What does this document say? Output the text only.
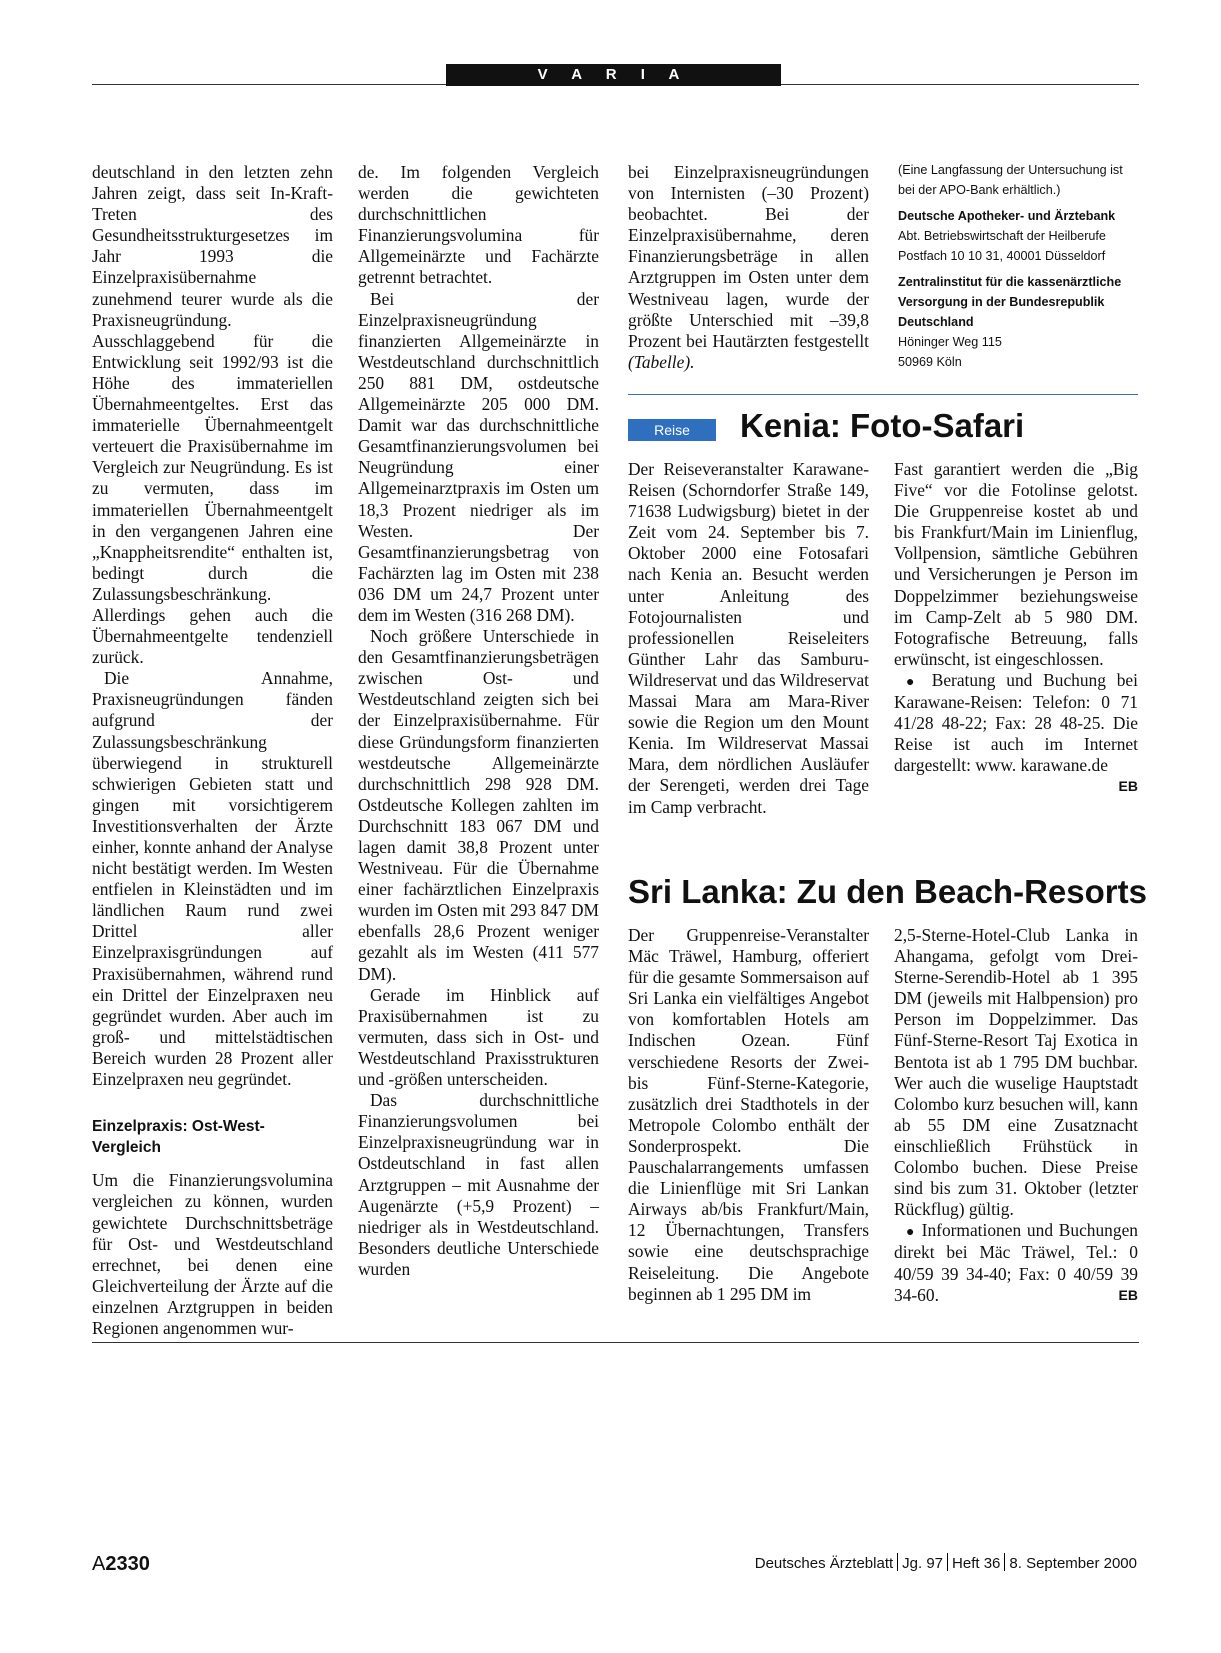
V A R I A

deutschland in den letzten zehn Jahren zeigt, dass seit In-Kraft-Treten des Gesundheitsstrukturgesetzes im Jahr 1993 die Einzelpraxisübernahme zunehmend teurer wurde als die Praxisneugründung. Ausschlaggebend für die Entwicklung seit 1992/93 ist die Höhe des immateriellen Übernahmeentgeltes. Erst das immaterielle Übernahmeentgelt verteuert die Praxisübernahme im Vergleich zur Neugründung. Es ist zu vermuten, dass im immateriellen Übernahmeentgelt in den vergangenen Jahren eine „Knappheitsrendite“ enthalten ist, bedingt durch die Zulassungsbeschränkung. Allerdings gehen auch die Übernahmeentgelte tendenziell zurück.

Die Annahme, Praxisneugründungen fänden aufgrund der Zulassungsbeschränkung überwiegend in strukturell schwierigen Gebieten statt und gingen mit vorsichtigerem Investitionsverhalten der Ärzte einher, konnte anhand der Analyse nicht bestätigt werden. Im Westen entfielen in Kleinstädten und im ländlichen Raum rund zwei Drittel aller Einzelpraxisgründungen auf Praxisübernahmen, während rund ein Drittel der Einzelpraxen neu gegründet wurden. Aber auch im groß- und mittelstädtischen Bereich wurden 28 Prozent aller Einzelpraxen neu gegründet.

Einzelpraxis: Ost-West-Vergleich

Um die Finanzierungsvolumina vergleichen zu können, wurden gewichtete Durchschnittsbeträge für Ost- und Westdeutschland errechnet, bei denen eine Gleichverteilung der Ärzte auf die einzelnen Arztgruppen in beiden Regionen angenommen wur-

de. Im folgenden Vergleich werden die gewichteten durchschnittlichen Finanzierungsvolumina für Allgemeinärzte und Fachärzte getrennt betrachtet.

Bei der Einzelpraxisneugründung finanzierten Allgemeinärzte in Westdeutschland durchschnittlich 250 881 DM, ostdeutsche Allgemeinärzte 205 000 DM. Damit war das durchschnittliche Gesamtfinanzierungsvolumen bei Neugründung einer Allgemeinarztpraxis im Osten um 18,3 Prozent niedriger als im Westen. Der Gesamtfinanzierungsbetrag von Fachärzten lag im Osten mit 238 036 DM um 24,7 Prozent unter dem im Westen (316 268 DM).

Noch größere Unterschiede in den Gesamtfinanzierungsbeträgen zwischen Ost- und Westdeutschland zeigten sich bei der Einzelpraxisübernahme. Für diese Gründungsform finanzierten westdeutsche Allgemeinärzte durchschnittlich 298 928 DM. Ostdeutsche Kollegen zahlten im Durchschnitt 183 067 DM und lagen damit 38,8 Prozent unter Westniveau. Für die Übernahme einer fachärztlichen Einzelpraxis wurden im Osten mit 293 847 DM ebenfalls 28,6 Prozent weniger gezahlt als im Westen (411 577 DM).

Gerade im Hinblick auf Praxisübernahmen ist zu vermuten, dass sich in Ost- und Westdeutschland Praxisstrukturen und -größen unterscheiden.

Das durchschnittliche Finanzierungsvolumen bei Einzelpraxisneugründung war in Ostdeutschland in fast allen Arztgruppen – mit Ausnahme der Augenärzte (+5,9 Prozent) – niedriger als in Westdeutschland. Besonders deutliche Unterschiede wurden

bei Einzelpraxisneugründungen von Internisten (–30 Prozent) beobachtet. Bei der Einzelpraxisübernahme, deren Finanzierungsbeträge in allen Arztgruppen im Osten unter dem Westniveau lagen, wurde der größte Unterschied mit –39,8 Prozent bei Hautärzten festgestellt (Tabelle).

(Eine Langfassung der Untersuchung ist bei der APO-Bank erhältlich.)

Deutsche Apotheker- und Ärztebank
Abt. Betriebswirtschaft der Heilberufe
Postfach 10 10 31, 40001 Düsseldorf

Zentralinstitut für die kassenärztliche Versorgung in der Bundesrepublik Deutschland
Höninger Weg 115
50969 Köln

Reise	Kenia: Foto-Safari

Der Reiseveranstalter Karawane-Reisen (Schorndorfer Straße 149, 71638 Ludwigsburg) bietet in der Zeit vom 24. September bis 7. Oktober 2000 eine Fotosafari nach Kenia an. Besucht werden unter Anleitung des Fotojournalisten und professionellen Reiseleiters Günther Lahr das Samburu-Wildreservat und das Wildreservat Massai Mara am Mara-River sowie die Region um den Mount Kenia. Im Wildreservat Massai Mara, dem nördlichen Ausläufer der Serengeti, werden drei Tage im Camp verbracht.

Fast garantiert werden die „Big Five“ vor die Fotolinse gelotst. Die Gruppenreise kostet ab und bis Frankfurt/Main im Linienflug, Vollpension, sämtliche Gebühren und Versicherungen je Person im Doppelzimmer beziehungsweise im Camp-Zelt ab 5 980 DM. Fotografische Betreuung, falls erwünscht, ist eingeschlossen.

● Beratung und Buchung bei Karawane-Reisen: Telefon: 0 71 41/28 48-22; Fax: 28 48-25. Die Reise ist auch im Internet dargestellt: www. karawane.de
EB

Sri Lanka: Zu den Beach-Resorts

Der Gruppenreise-Veranstalter Mäc Träwel, Hamburg, offeriert für die gesamte Sommersaison auf Sri Lanka ein vielfältiges Angebot von komfortablen Hotels am Indischen Ozean. Fünf verschiedene Resorts der Zwei- bis Fünf-Sterne-Kategorie, zusätzlich drei Stadthotels in der Metropole Colombo enthält der Sonderprospekt. Die Pauschalarrangements umfassen die Linienflüge mit Sri Lankan Airways ab/bis Frankfurt/Main, 12 Übernachtungen, Transfers sowie eine deutschsprachige Reiseleitung. Die Angebote beginnen ab 1 295 DM im

2,5-Sterne-Hotel-Club Lanka in Ahangama, gefolgt vom Drei-Sterne-Serendib-Hotel ab 1 395 DM (jeweils mit Halbpension) pro Person im Doppelzimmer. Das Fünf-Sterne-Resort Taj Exotica in Bentota ist ab 1 795 DM buchbar. Wer auch die wuselige Hauptstadt Colombo kurz besuchen will, kann ab 55 DM eine Zusatznacht einschließlich Frühstück in Colombo buchen. Diese Preise sind bis zum 31. Oktober (letzter Rückflug) gültig.

● Informationen und Buchungen direkt bei Mäc Träwel, Tel.: 0 40/59 39 34-40; Fax: 0 40/59 39 34-60.	EB

A2330	Deutsches Ärzteblatt Jg. 97 Heft 36 8. September 2000
